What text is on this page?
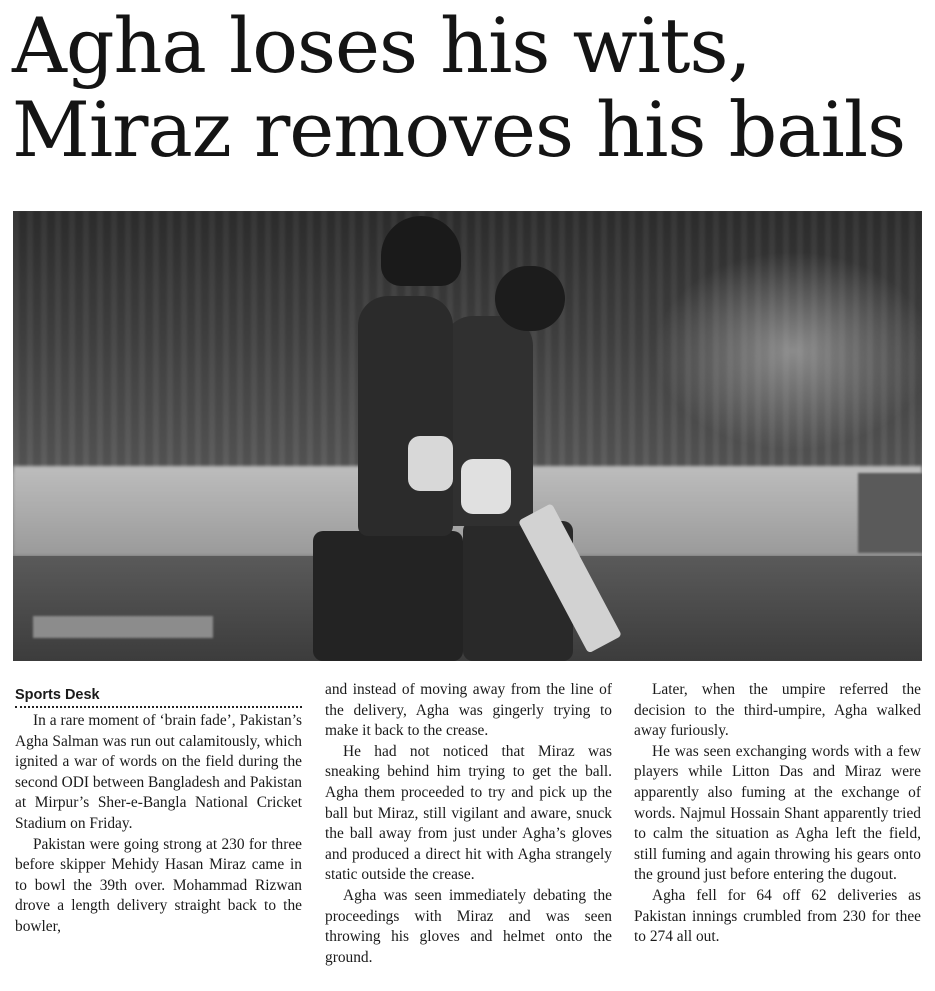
Agha loses his wits,
Miraz removes his bails
Sports Desk

In a rare moment of ‘brain fade’, Pakistan’s Agha Salman was run out calamitously, which ignited a war of words on the field during the second ODI between Bangladesh and Pakistan at Mirpur’s Sher-e-Bangla National Cricket Stadium on Friday.

Pakistan were going strong at 230 for three before skipper Mehidy Hasan Miraz came in to bowl the 39th over. Mohammad Rizwan drove a length delivery straight back to the bowler,

and instead of moving away from the line of the delivery, Agha was gingerly trying to make it back to the crease.

He had not noticed that Miraz was sneaking behind him trying to get the ball. Agha them proceeded to try and pick up the ball but Miraz, still vigilant and aware, snuck the ball away from just under Agha’s gloves and produced a direct hit with Agha strangely static outside the crease.

Agha was seen immediately debating the proceedings with Miraz and was seen throwing his gloves and helmet onto the ground.

Later, when the umpire referred the decision to the third-umpire, Agha walked away furiously.

He was seen exchanging words with a few players while Litton Das and Miraz were apparently also fuming at the exchange of words. Najmul Hossain Shant apparently tried to calm the situation as Agha left the field, still fuming and again throwing his gears onto the ground just before entering the dugout.

Agha fell for 64 off 62 deliveries as Pakistan innings crumbled from 230 for thee to 274 all out.
